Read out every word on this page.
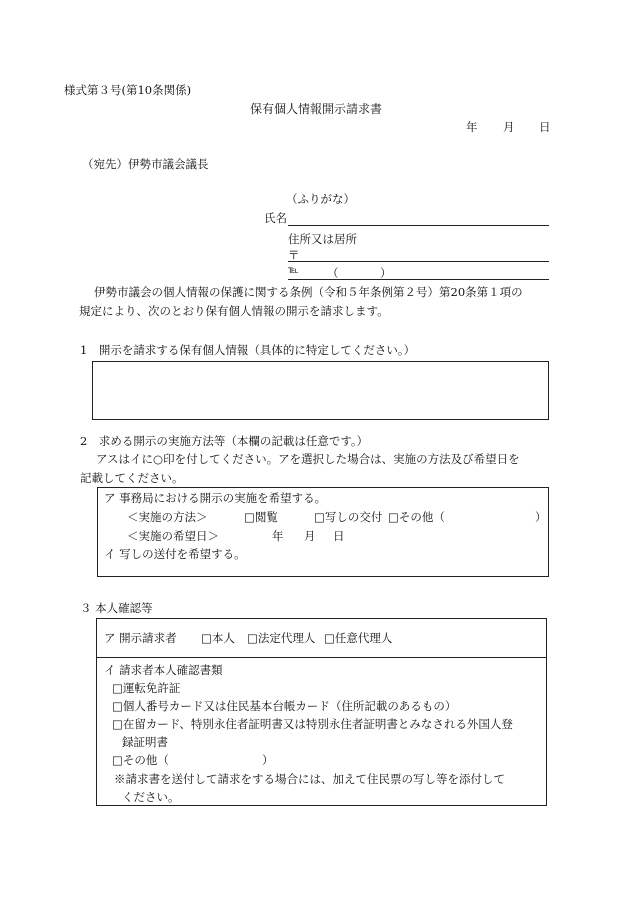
様式第３号(第10条関係)
保有個人情報開示請求書
年 月 日
（宛先）伊勢市議会議長
（ふりがな）
氏名
住所又は居所
〒
℡ （	）
伊勢市議会の個人情報の保護に関する条例（令和５年条例第２号）第20条第１項の
規定により、次のとおり保有個人情報の開示を請求します。
1　開示を請求する保有個人情報（具体的に特定してください。）
2　求める開示の実施方法等（本欄の記載は任意です。）
アスはイに○印を付してください。アを選択した場合は、実施の方法及び希望日を
記載してください。
ア 事務局における開示の実施を希望する。
＜実施の方法＞	□閲覧	□写しの交付 □その他（	）
＜実施の希望日＞	年 月 日
イ 写しの送付を希望する。
３ 本人確認等
ア 開示請求者 □本人 □法定代理人 □任意代理人
イ 請求者本人確認書類
□運転免許証
□個人番号カード又は住民基本台帳カード（住所記載のあるもの）
□在留カード、特別永住者証明書又は特別永住者証明書とみなされる外国人登
録証明書
□その他（	）
※請求書を送付して請求をする場合には、加えて住民票の写し等を添付して
ください。
